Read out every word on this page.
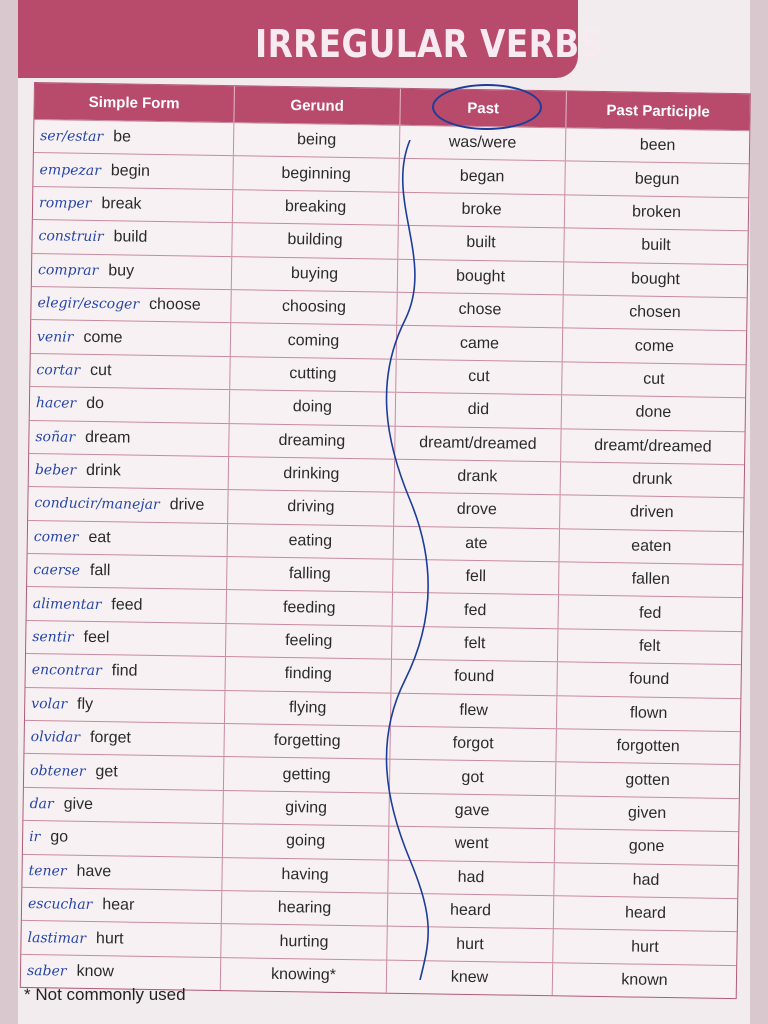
IRREGULAR VERBS
Simple Form	Gerund	Past	Past Participle
ser/estar be	being	was/were	been
empezar begin	beginning	began	begun
romper break	breaking	broke	broken
construir build	building	built	built
comprar buy	buying	bought	bought
elegir/escoger choose	choosing	chose	chosen
venir come	coming	came	come
cortar cut	cutting	cut	cut
hacer do	doing	did	done
soñar dream	dreaming	dreamt/dreamed	dreamt/dreamed
beber drink	drinking	drank	drunk
conducir/manejar drive	driving	drove	driven
comer eat	eating	ate	eaten
caerse fall	falling	fell	fallen
alimentar feed	feeding	fed	fed
sentir feel	feeling	felt	felt
encontrar find	finding	found	found
volar fly	flying	flew	flown
olvidar forget	forgetting	forgot	forgotten
obtener get	getting	got	gotten
dar give	giving	gave	given
ir go	going	went	gone
tener have	having	had	had
escuchar hear	hearing	heard	heard
lastimar hurt	hurting	hurt	hurt
saber know	knowing*	knew	known
* Not commonly used
